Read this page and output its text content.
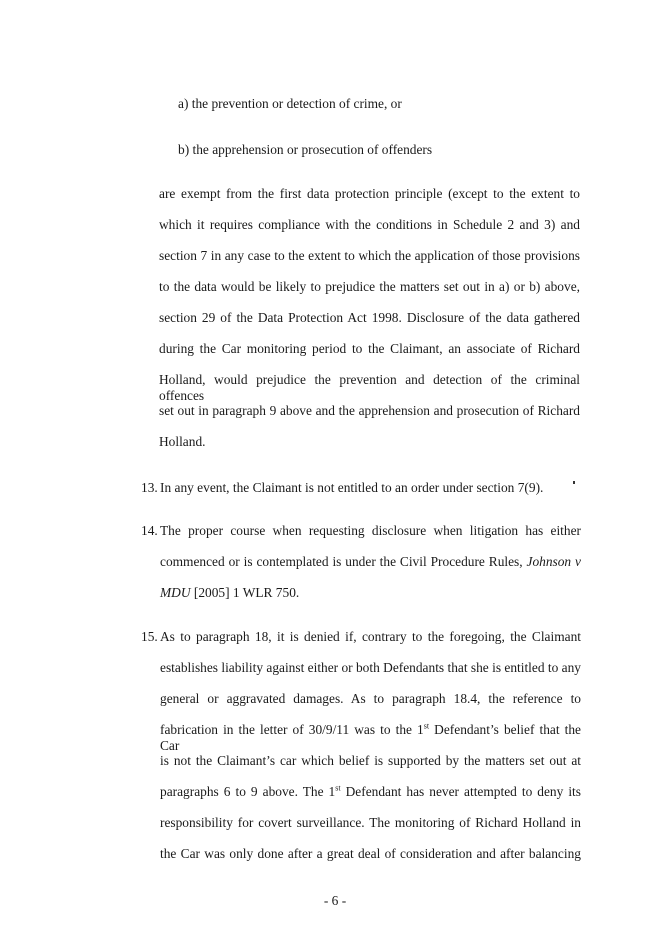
a) the prevention or detection of crime, or
b) the apprehension or prosecution of offenders
are exempt from the first data protection principle (except to the extent to
which it requires compliance with the conditions in Schedule 2 and 3) and
section 7 in any case to the extent to which the application of those provisions
to the data would be likely to prejudice the matters set out in a) or b) above,
section 29 of the Data Protection Act 1998. Disclosure of the data gathered
during the Car monitoring period to the Claimant, an associate of Richard
Holland, would prejudice the prevention and detection of the criminal offences
set out in paragraph 9 above and the apprehension and prosecution of Richard
Holland.
13. In any event, the Claimant is not entitled to an order under section 7(9).
14. The proper course when requesting disclosure when litigation has either
commenced or is contemplated is under the Civil Procedure Rules, Johnson v
MDU [2005] 1 WLR 750.
15. As to paragraph 18, it is denied if, contrary to the foregoing, the Claimant
establishes liability against either or both Defendants that she is entitled to any
general or aggravated damages. As to paragraph 18.4, the reference to
fabrication in the letter of 30/9/11 was to the 1st Defendant’s belief that the Car
is not the Claimant’s car which belief is supported by the matters set out at
paragraphs 6 to 9 above. The 1st Defendant has never attempted to deny its
responsibility for covert surveillance. The monitoring of Richard Holland in
the Car was only done after a great deal of consideration and after balancing
- 6 -
